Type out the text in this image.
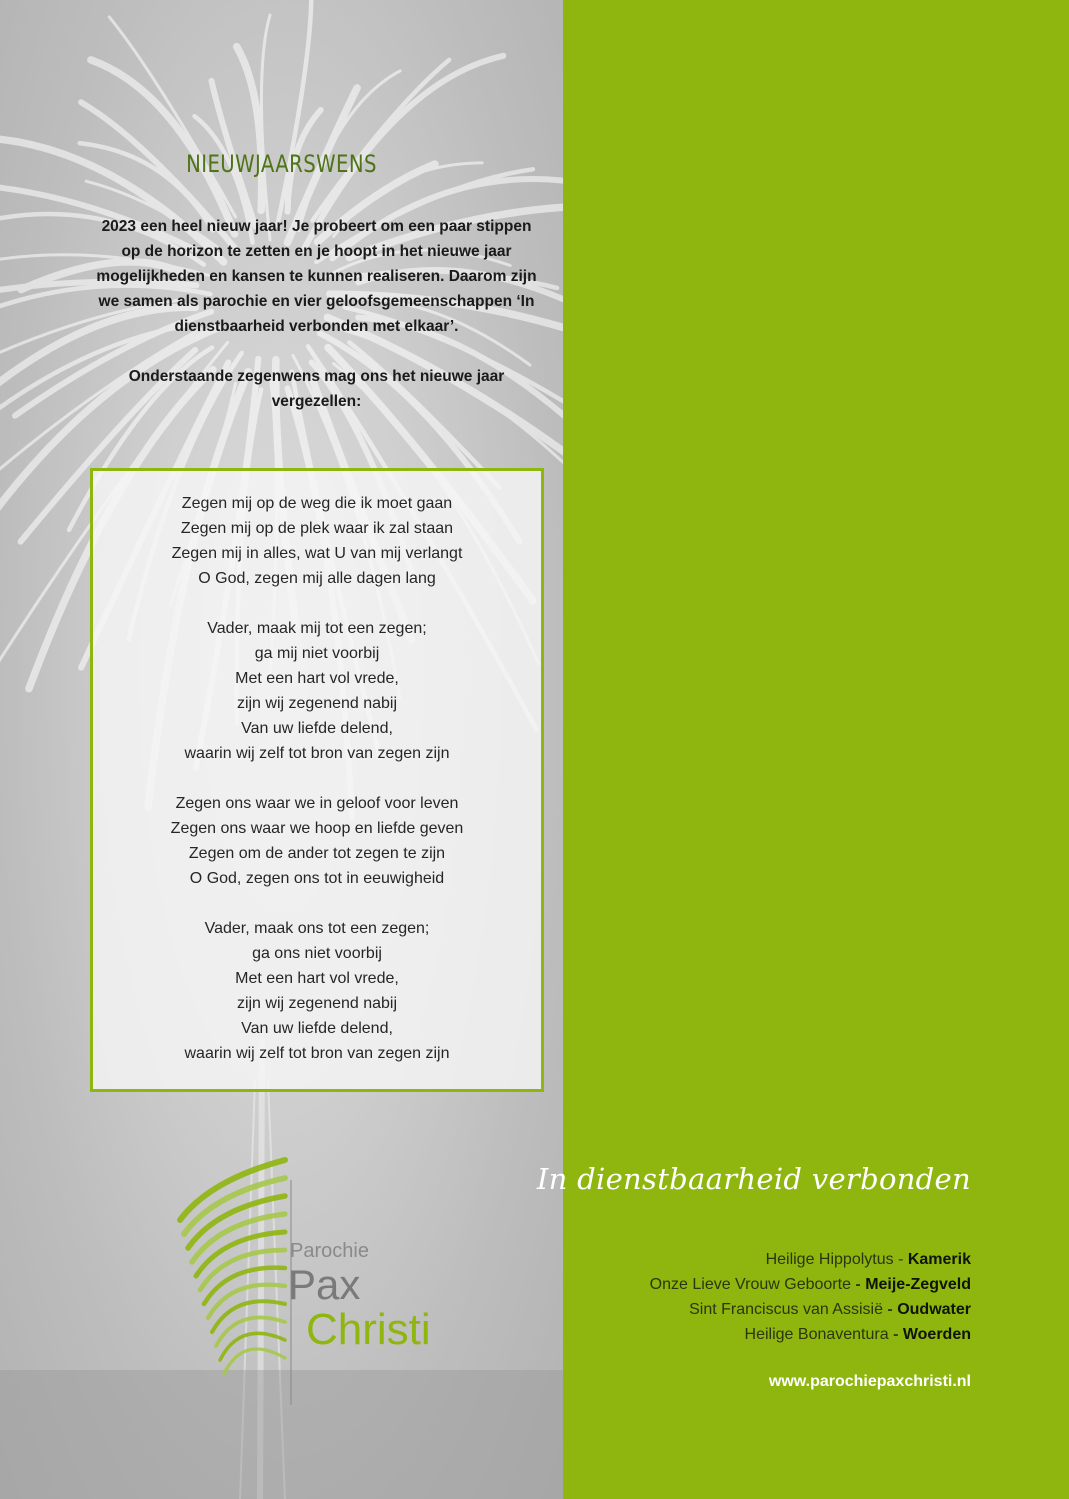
NIEUWJAARSWENS

2023 een heel nieuw jaar! Je probeert om een paar stippen op de horizon te zetten en je hoopt in het nieuwe jaar mogelijkheden en kansen te kunnen realiseren. Daarom zijn we samen als parochie en vier geloofsgemeenschappen ‘In dienstbaarheid verbonden met elkaar’.

Onderstaande zegenwens mag ons het nieuwe jaar vergezellen:

Zegen mij op de weg die ik moet gaan
Zegen mij op de plek waar ik zal staan
Zegen mij in alles, wat U van mij verlangt
O God, zegen mij alle dagen lang
Vader, maak mij tot een zegen;
ga mij niet voorbij
Met een hart vol vrede,
zijn wij zegenend nabij
Van uw liefde delend,
waarin wij zelf tot bron van zegen zijn
Zegen ons waar we in geloof voor leven
Zegen ons waar we hoop en liefde geven
Zegen om de ander tot zegen te zijn
O God, zegen ons tot in eeuwigheid
Vader, maak ons tot een zegen;
ga ons niet voorbij
Met een hart vol vrede,
zijn wij zegenend nabij
Van uw liefde delend,
waarin wij zelf tot bron van zegen zijn
Parochie
Pax
Christi
In dienstbaarheid verbonden
Heilige Hippolytus - Kamerik
Onze Lieve Vrouw Geboorte - Meije-Zegveld
Sint Franciscus van Assisië - Oudwater
Heilige Bonaventura - Woerden
www.parochiepaxchristi.nl
